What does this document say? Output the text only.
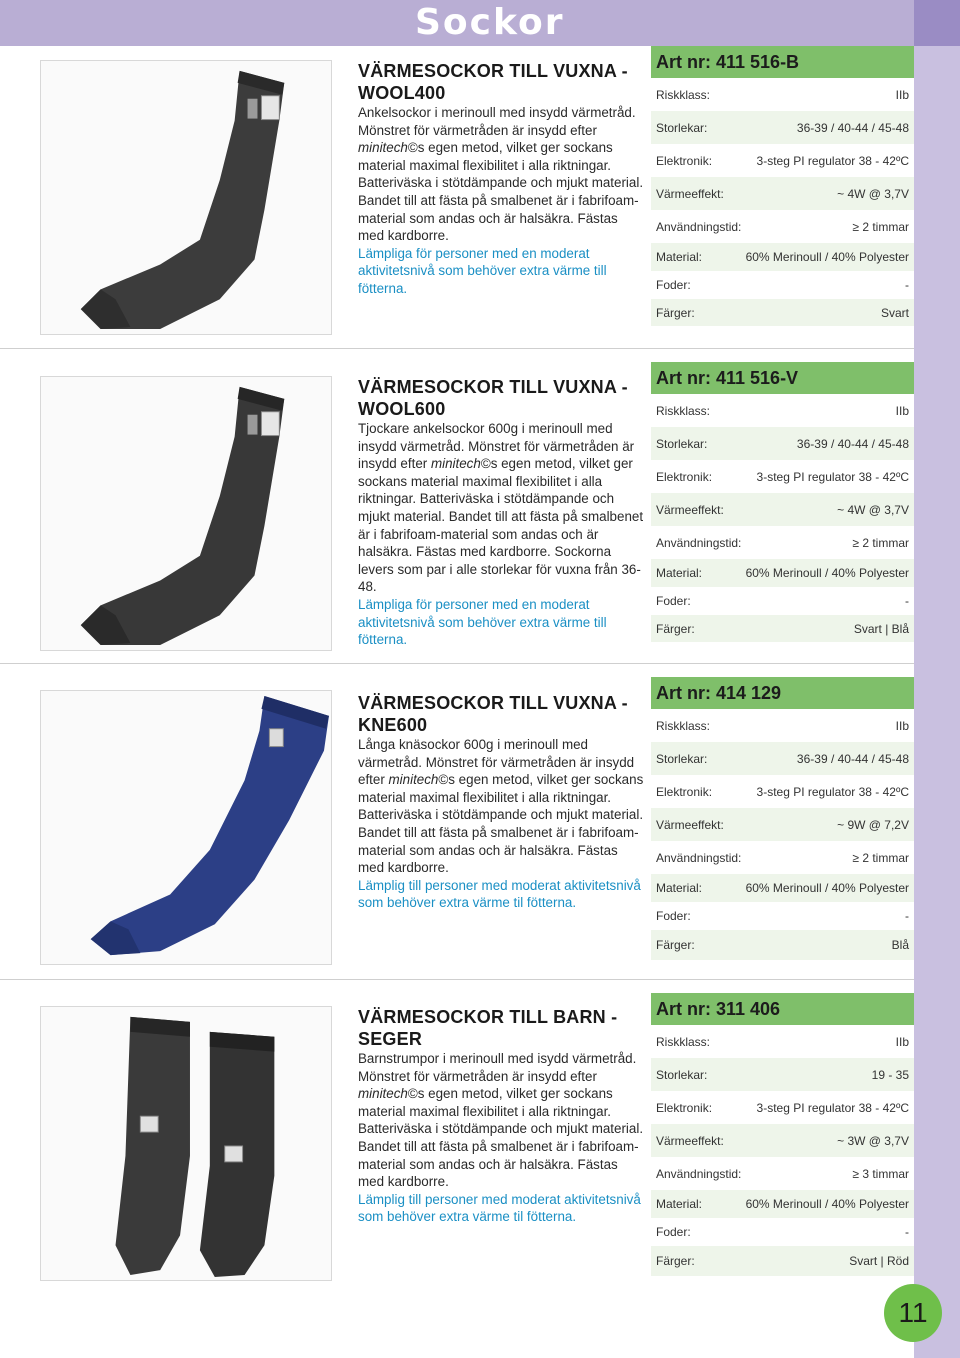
Sockor
VÄRMESOCKOR TILL VUXNA -
WOOL400

Ankelsockor i merinoull med insydd värmetråd. Mönstret för värmetråden är insydd efter minitech©s egen metod, vilket ger sockans material maximal flexibilitet i alla riktningar. Batteriväska i stötdämpande och mjukt material. Bandet till att fästa på smalbenet är i fabrifoam-material som andas och är halsäkra. Fästas med kardborre.

Lämpliga för personer med en moderat aktivitetsnivå som behöver extra värme till fötterna.

Art nr: 411 516-B
Riskklass:	IIb
Storlekar:	36-39 / 40-44 / 45-48
Elektronik:	3-steg PI regulator 38 - 42ºC
Värmeeffekt:	~ 4W @ 3,7V
Användningstid:	≥ 2 timmar
Material:	60% Merinoull / 40% Polyester
Foder:	-
Färger:	Svart
VÄRMESOCKOR TILL VUXNA -
WOOL600

Tjockare ankelsockor 600g i merinoull med insydd värmetråd. Mönstret för värmetråden är insydd efter minitech©s egen metod, vilket ger sockans material maximal flexibilitet i alla riktningar. Batteriväska i stötdämpande och mjukt material. Bandet till att fästa på smalbenet är i fabrifoam-material som andas och är halsäkra. Fästas med kardborre. Sockorna levers som par i alle storlekar för vuxna från 36-48.

Lämpliga för personer med en moderat aktivitetsnivå som behöver extra värme till fötterna.

Art nr: 411 516-V
Riskklass:	IIb
Storlekar:	36-39 / 40-44 / 45-48
Elektronik:	3-steg PI regulator 38 - 42ºC
Värmeeffekt:	~ 4W @ 3,7V
Användningstid:	≥ 2 timmar
Material:	60% Merinoull / 40% Polyester
Foder:	-
Färger:	Svart | Blå
VÄRMESOCKOR TILL VUXNA -
KNE600

Långa knäsockor 600g i merinoull med värmetråd. Mönstret för värmetråden är insydd efter minitech©s egen metod, vilket ger sockans material maximal flexibilitet i alla riktningar. Batteriväska i stötdämpande och mjukt material. Bandet till att fästa på smalbenet är i fabrifoam-material som andas och är halsäkra. Fästas med kardborre.

Lämplig till personer med moderat aktivitetsnivå som behöver extra värme til fötterna.

Art nr: 414 129
Riskklass:	IIb
Storlekar:	36-39 / 40-44 / 45-48
Elektronik:	3-steg PI regulator 38 - 42ºC
Värmeeffekt:	~ 9W @ 7,2V
Användningstid:	≥ 2 timmar
Material:	60% Merinoull / 40% Polyester
Foder:	-
Färger:	Blå
VÄRMESOCKOR TILL BARN -
SEGER

Barnstrumpor i merinoull med isydd värmetråd. Mönstret för värmetråden är insydd efter minitech©s egen metod, vilket ger sockans material maximal flexibilitet i alla riktningar. Batteriväska i stötdämpande och mjukt material. Bandet till att fästa på smalbenet är i fabrifoam-material som andas och är halsäkra. Fästas med kardborre.

Lämplig till personer med moderat aktivitetsnivå som behöver extra värme til fötterna.

Art nr: 311 406
Riskklass:	IIb
Storlekar:	19 - 35
Elektronik:	3-steg PI regulator 38 - 42ºC
Värmeeffekt:	~ 3W @ 3,7V
Användningstid:	≥ 3 timmar
Material:	60% Merinoull / 40% Polyester
Foder:	-
Färger:	Svart | Röd
11
